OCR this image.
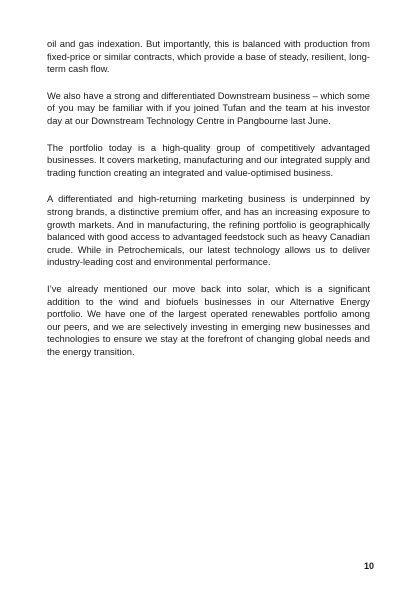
oil and gas indexation. But importantly, this is balanced with production from fixed-price or similar contracts, which provide a base of steady, resilient, long-term cash flow.

We also have a strong and differentiated Downstream business – which some of you may be familiar with if you joined Tufan and the team at his investor day at our Downstream Technology Centre in Pangbourne last June.

The portfolio today is a high-quality group of competitively advantaged businesses. It covers marketing, manufacturing and our integrated supply and trading function creating an integrated and value-optimised business.

A differentiated and high-returning marketing business is underpinned by strong brands, a distinctive premium offer, and has an increasing exposure to growth markets. And in manufacturing, the refining portfolio is geographically balanced with good access to advantaged feedstock such as heavy Canadian crude. While in Petrochemicals, our latest technology allows us to deliver industry-leading cost and environmental performance.

I’ve already mentioned our move back into solar, which is a significant addition to the wind and biofuels businesses in our Alternative Energy portfolio. We have one of the largest operated renewables portfolio among our peers, and we are selectively investing in emerging new businesses and technologies to ensure we stay at the forefront of changing global needs and the energy transition.

10
